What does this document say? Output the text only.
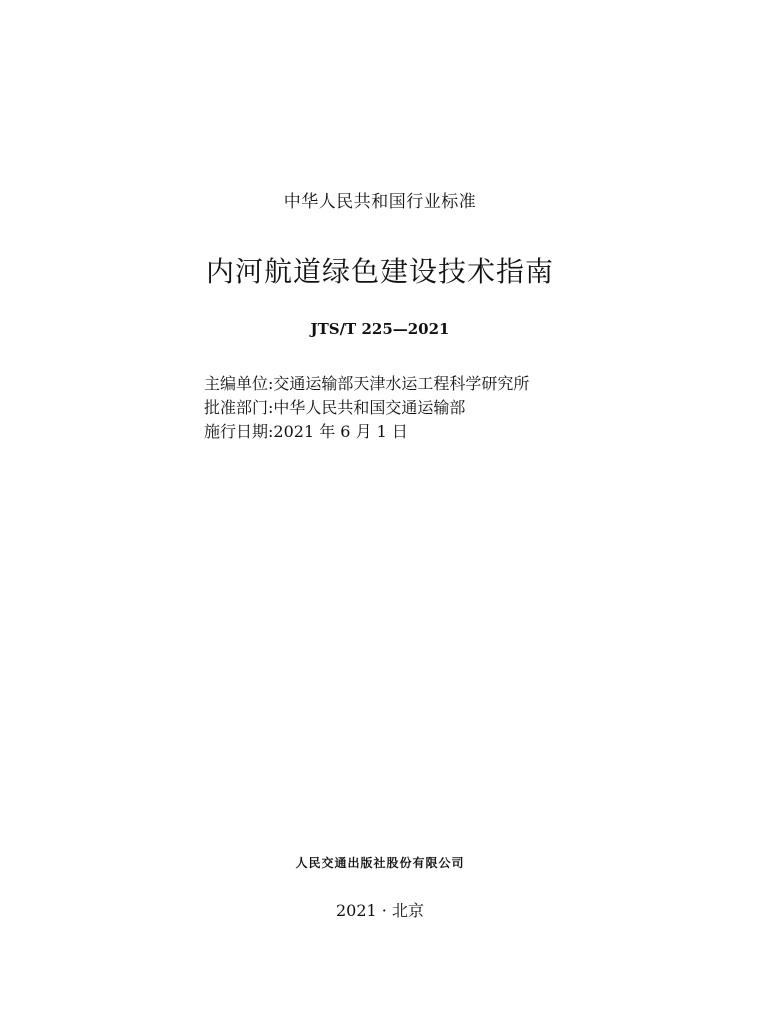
中华人民共和国行业标准
内河航道绿色建设技术指南
JTS/T 225—2021
主编单位:交通运输部天津水运工程科学研究所
批准部门:中华人民共和国交通运输部
施行日期:2021 年 6 月 1 日
人民交通出版社股份有限公司
2021 · 北京
